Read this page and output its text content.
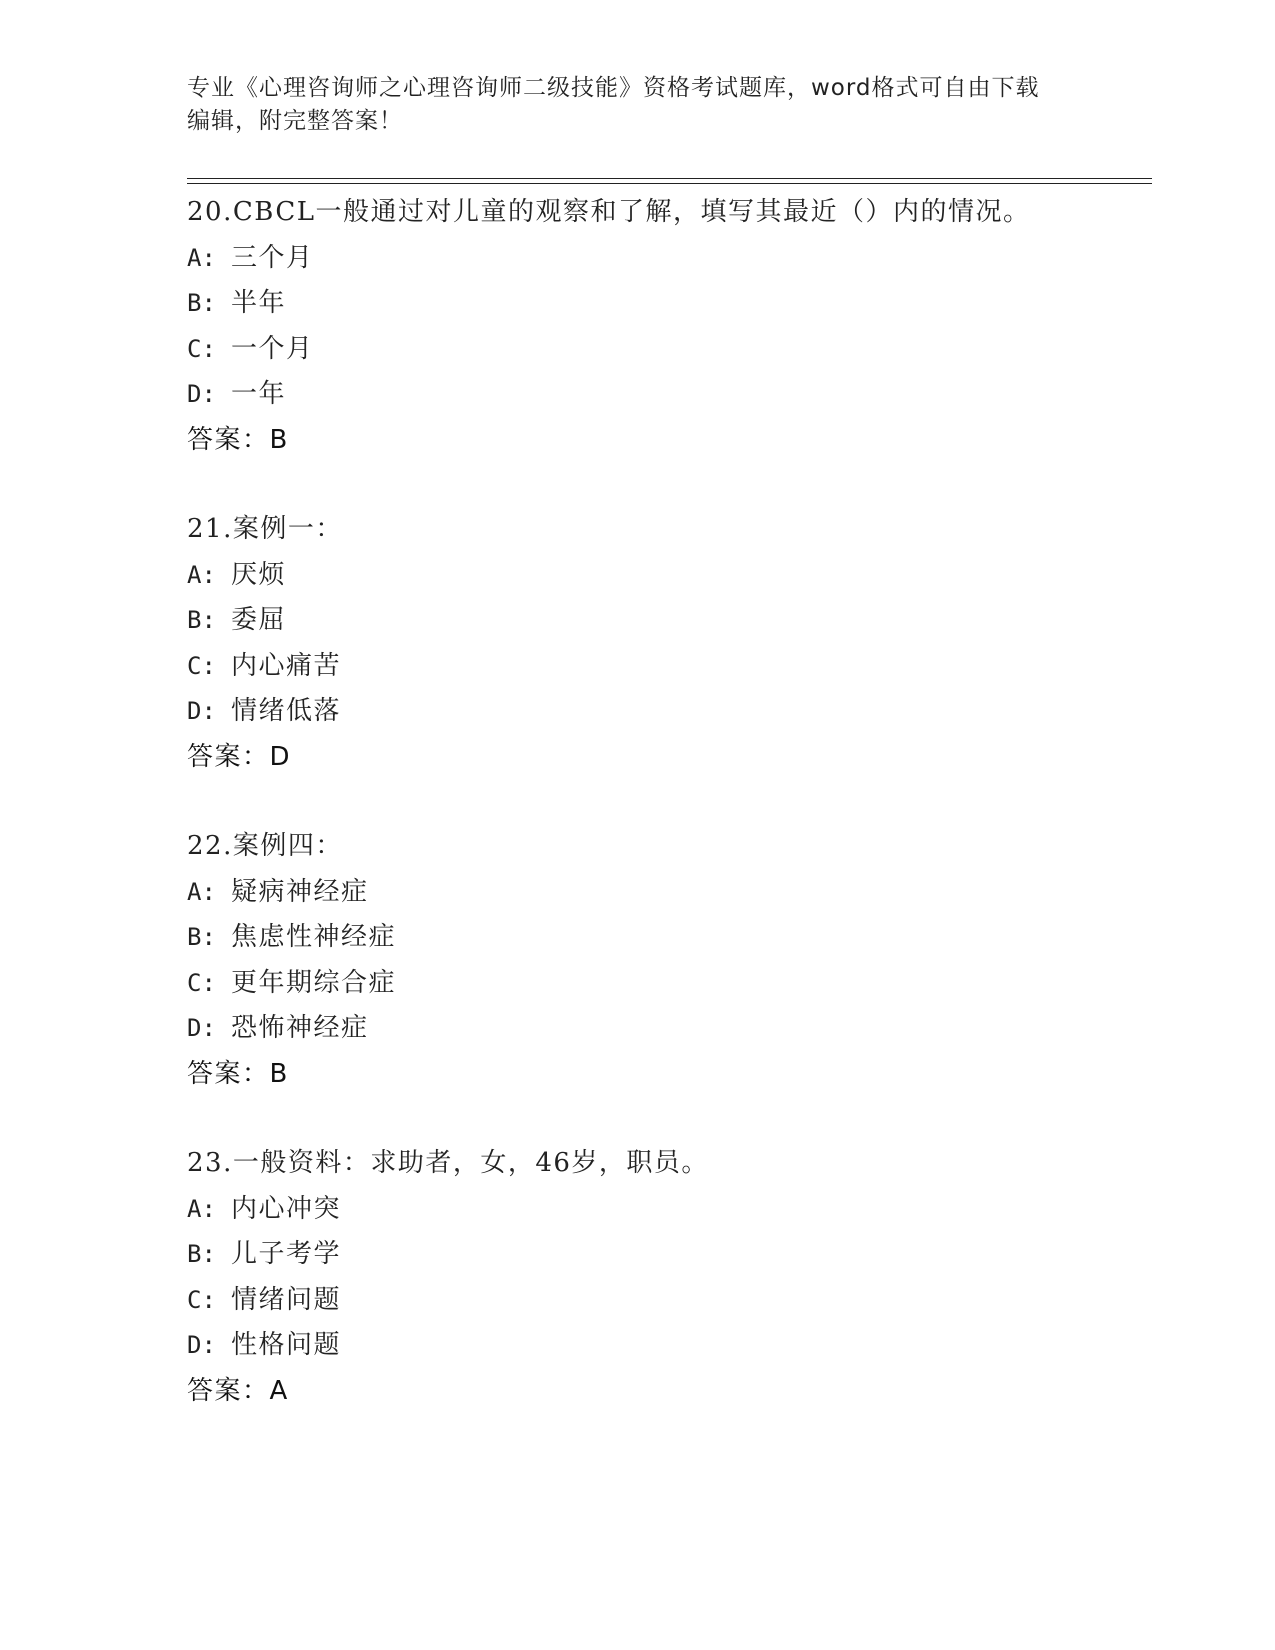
专业《心理咨询师之心理咨询师二级技能》资格考试题库，word格式可自由下载

编辑，附完整答案！

20.CBCL一般通过对儿童的观察和了解，填写其最近（）内的情况。
A: 三个月
B: 半年
C: 一个月
D: 一年
答案：B
21.案例一：
A: 厌烦
B: 委屈
C: 内心痛苦
D: 情绪低落
答案：D
22.案例四：
A: 疑病神经症
B: 焦虑性神经症
C: 更年期综合症
D: 恐怖神经症
答案：B
23.一般资料：求助者，女，46岁，职员。
A: 内心冲突
B: 儿子考学
C: 情绪问题
D: 性格问题
答案：A
